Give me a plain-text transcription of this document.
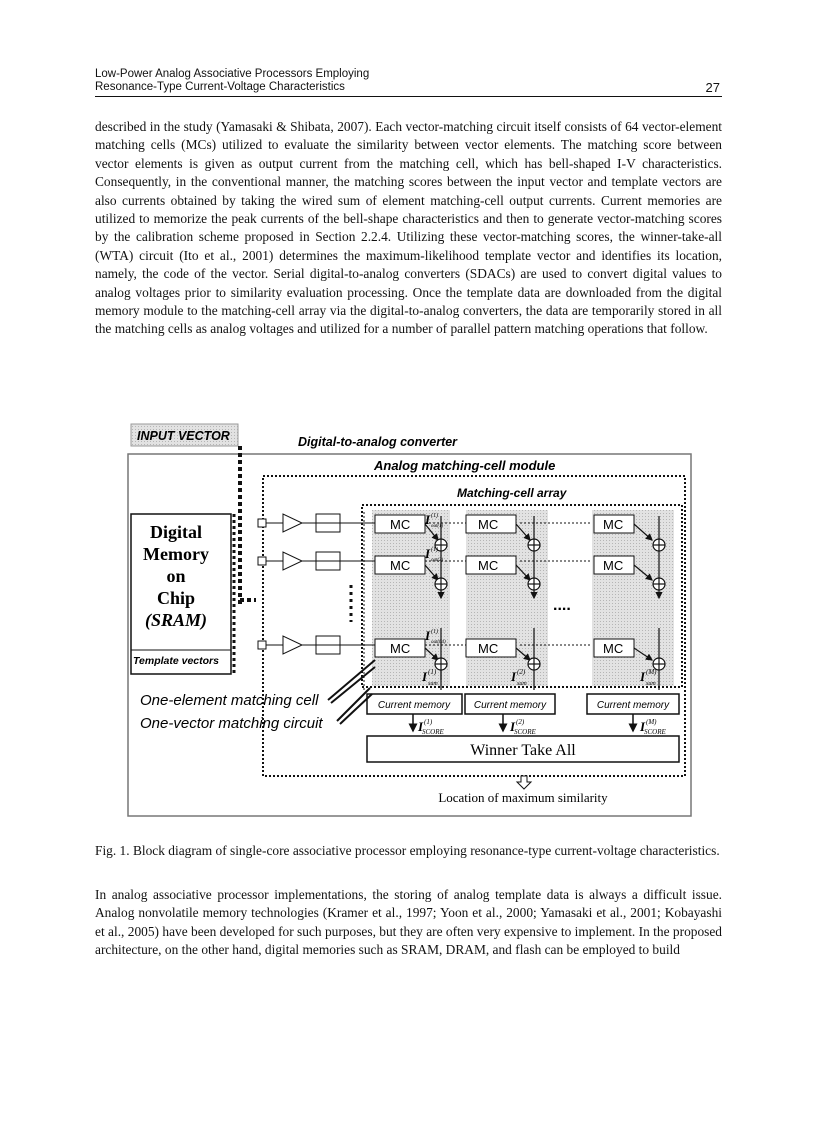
Low-Power Analog Associative Processors Employing
Resonance-Type Current-Voltage Characteristics	27

described in the study (Yamasaki & Shibata, 2007). Each vector-matching circuit itself consists of 64 vector-element matching cells (MCs) utilized to evaluate the similarity between vector elements. The matching score between vector elements is given as output current from the matching cell, which has bell-shaped I-V characteristics. Consequently, in the conventional manner, the matching scores between the input vector and template vectors are also currents obtained by taking the wired sum of element matching-cell output currents. Current memories are utilized to memorize the peak currents of the bell-shape characteristics and then to generate vector-matching scores by the calibration scheme proposed in Section 2.2.4. Utilizing these vector-matching scores, the winner-take-all (WTA) circuit (Ito et al., 2001) determines the maximum-likelihood template vector and identifies its location, namely, the code of the vector. Serial digital-to-analog converters (SDACs) are used to convert digital values to analog voltages prior to similarity evaluation processing. Once the template data are downloaded from the digital memory module to the matching-cell array via the digital-to-analog converters, the data are temporarily stored in all the matching cells as analog voltages and utilized for a number of parallel pattern matching operations that follow.

INPUT VECTOR	Digital-to-analog converter
Analog matching-cell module
Matching-cell array
Digital
Memory
on
Chip
(SRAM)
Template vectors
MC	MC	MC
MC	MC	MC
MC	MC	MC
....
I (1)
out(1)
I (1)
out(2)
I (1)
out(64)
I (1)
sum	I (2)
sum	I (M)
sum
Current memory Current memory	Current memory
I (1)
SCORE	I (2)
SCORE	I (M)
SCORE
Winner Take All
Location of maximum similarity
One-element matching cell
One-vector matching circuit

Fig. 1. Block diagram of single-core associative processor employing resonance-type current-voltage characteristics.

In analog associative processor implementations, the storing of analog template data is always a difficult issue. Analog nonvolatile memory technologies (Kramer et al., 1997; Yoon et al., 2000; Yamasaki et al., 2001; Kobayashi et al., 2005) have been developed for such purposes, but they are often very expensive to implement. In the proposed architecture, on the other hand, digital memories such as SRAM, DRAM, and flash can be employed to build
